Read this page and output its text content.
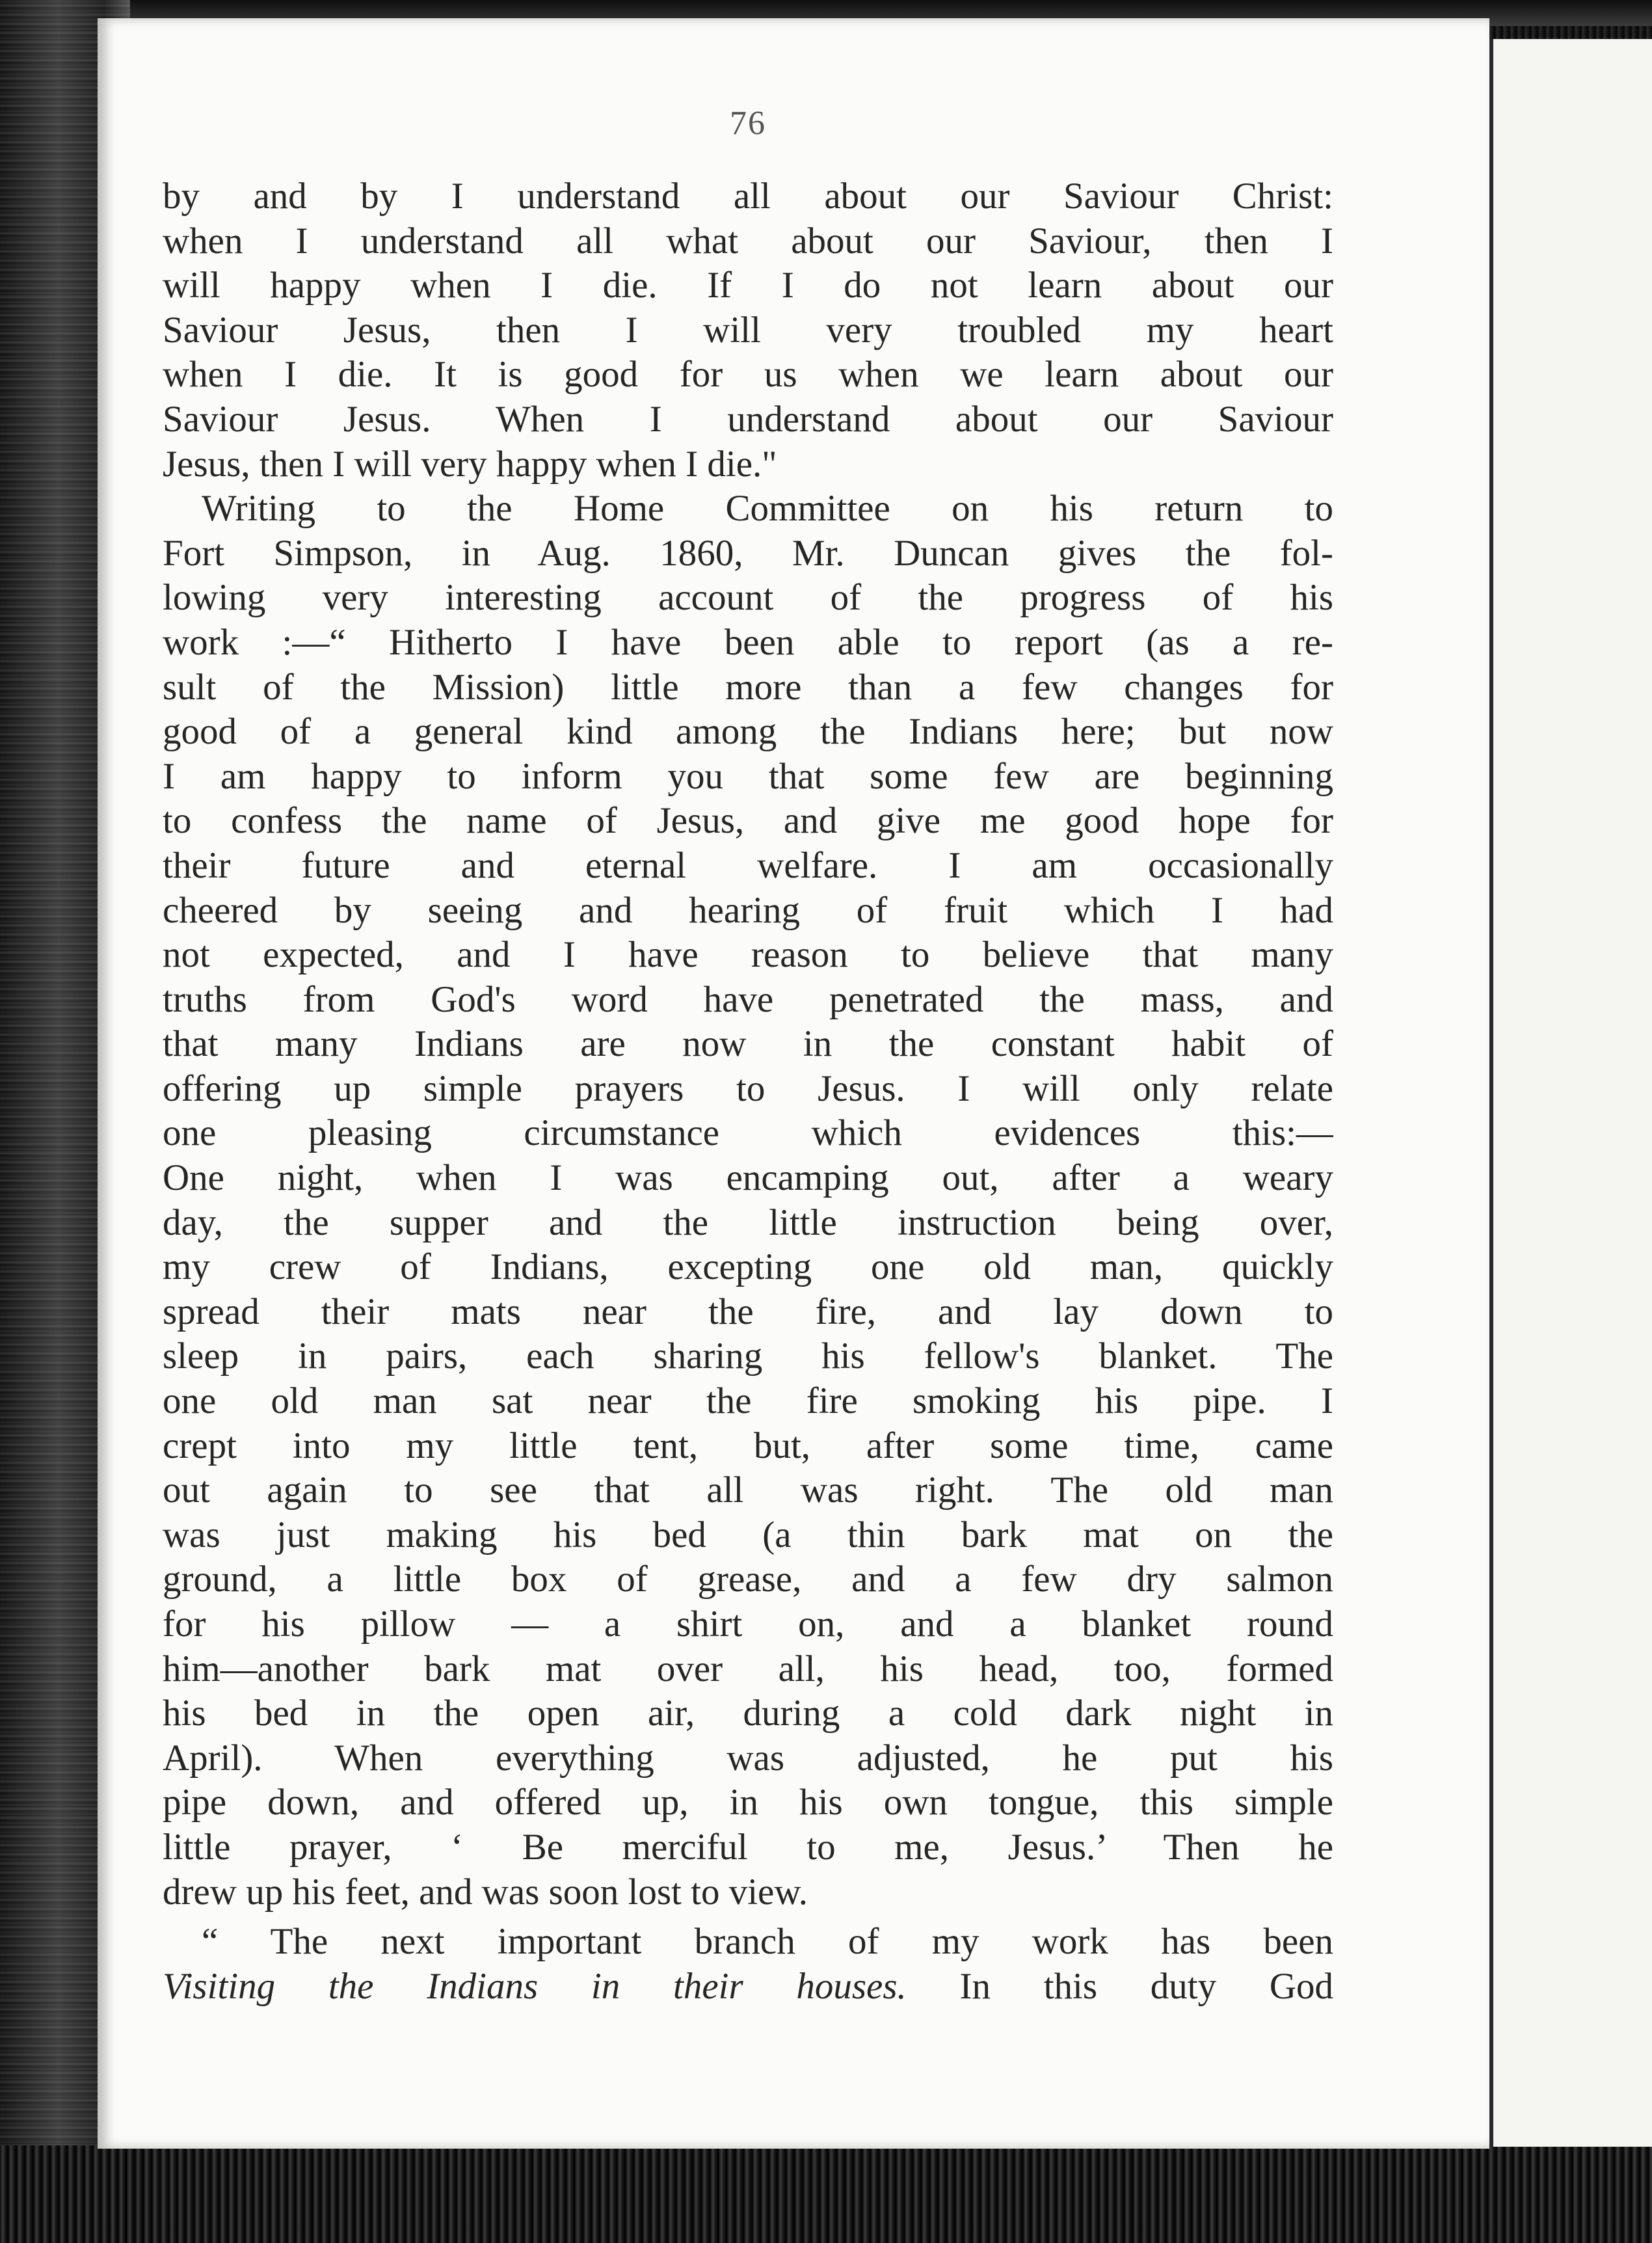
76
by and by I understand all about our Saviour Christ:
when I understand all what about our Saviour, then I
will happy when I die. If I do not learn about our
Saviour Jesus, then I will very troubled my heart
when I die. It is good for us when we learn about our
Saviour Jesus. When I understand about our Saviour
Jesus, then I will very happy when I die."
Writing to the Home Committee on his return to
Fort Simpson, in Aug. 1860, Mr. Duncan gives the fol-
lowing very interesting account of the progress of his
work :—“ Hitherto I have been able to report (as a re-
sult of the Mission) little more than a few changes for
good of a general kind among the Indians here; but now
I am happy to inform you that some few are beginning
to confess the name of Jesus, and give me good hope for
their future and eternal welfare. I am occasionally
cheered by seeing and hearing of fruit which I had
not expected, and I have reason to believe that many
truths from God's word have penetrated the mass, and
that many Indians are now in the constant habit of
offering up simple prayers to Jesus. I will only relate
one pleasing circumstance which evidences this:—
One night, when I was encamping out, after a weary
day, the supper and the little instruction being over,
my crew of Indians, excepting one old man, quickly
spread their mats near the fire, and lay down to
sleep in pairs, each sharing his fellow's blanket. The
one old man sat near the fire smoking his pipe. I
crept into my little tent, but, after some time, came
out again to see that all was right. The old man
was just making his bed (a thin bark mat on the
ground, a little box of grease, and a few dry salmon
for his pillow — a shirt on, and a blanket round
him—another bark mat over all, his head, too, formed
his bed in the open air, during a cold dark night in
April). When everything was adjusted, he put his
pipe down, and offered up, in his own tongue, this simple
little prayer, ‘ Be merciful to me, Jesus.’ Then he
drew up his feet, and was soon lost to view.
“ The next important branch of my work has been
Visiting the Indians in their houses. In this duty God
